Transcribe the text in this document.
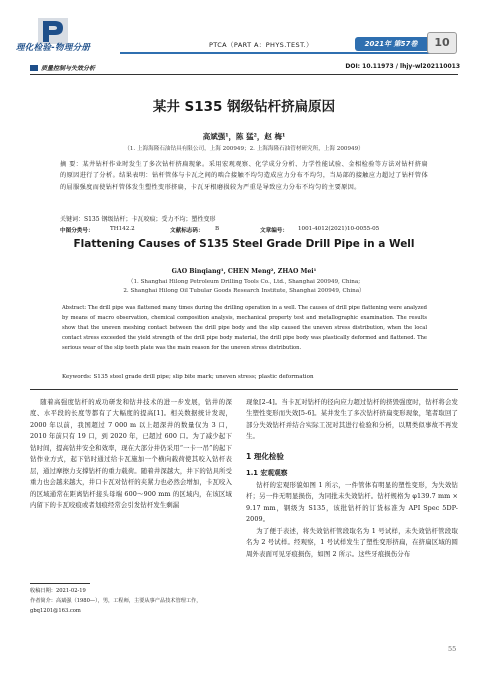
理化检验-物理分册	PTCA（PART A：PHYS.TEST.）	2021年 第57卷	10
质量控制与失效分析	DOI: 10.11973 / lhjy-wl202110013
某井 S135 钢级钻杆挤扁原因
高斌强¹，陈 猛²，赵 梅¹
（1. 上海海隆石油钻具有限公司，上海 200949；2. 上海海隆石油管材研究所，上海 200949）
摘 要：某井钻杆作业时发生了多次钻杆挤扁现象。采用宏观观察、化学成分分析、力学性能试验、金相检验等方法对钻杆挤扁的原因进行了分析。结果表明：钻杆管体与卡瓦之间的啮合接触不均匀造成应力分布不均匀，当局部的接触应力超过了钻杆管体的屈服强度而使钻杆管体发生塑性变形挤扁，卡瓦牙根磨损较为严重是导致应力分布不均匀的主要原因。
关键词：S135 钢级钻杆；卡瓦咬痕；受力不均；塑性变形
中图分类号：	TH142.2	文献标志码： B	文章编号： 1001-4012(2021)10-0055-05
Flattening Causes of S135 Steel Grade Drill Pipe in a Well
GAO Binqiang¹, CHEN Meng², ZHAO Mei¹
（1. Shanghai Hilong Petroleum Drilling Tools Co., Ltd., Shanghai 200949, China;
2. Shanghai Hilong Oil Tubular Goods Research Institute, Shanghai 200949, China）
Abstract: The drill pipe was flattened many times during the drilling operation in a well. The causes of drill pipe flattening were analyzed by means of macro observation, chemical composition analysis, mechanical property test and metallographic examination. The results show that the uneven meshing contact between the drill pipe body and the slip caused the uneven stress distribution, when the local contact stress exceeded the yield strength of the drill pipe body material, the drill pipe body was plastically deformed and flattened. The serious wear of the slip teeth plate was the main reason for the uneven stress distribution.
Keywords: S135 steel grade drill pipe; slip bite mark; uneven stress; plastic deformation
随着高强度钻杆的成功研发和钻井技术的进一步发展，钻井的深度、水平段的长度等都有了大幅度的提高[1]。相关数据统计发现，2000 年以前，我国超过 7 000 m 以上超深井的数量仅为 3 口，2010 年前只有 19 口，到 2020 年，已超过 600 口。为了减少起下钻时间，提高钻井安全和效率，现在大部分井仍采用“一卡一吊”的起下钻作业方式，起下钻时通过给卡瓦施加一个横向载荷使其咬入钻杆表层，通过摩擦力支撑钻杆的重力载荷。随着井深越大，井下的钻具所受重力也会越来越大，井口卡瓦对钻杆的夹紧力也必然会增加，卡瓦咬入的区域通常在距离钻杆接头母端 600～900 mm 的区域内，在该区域内留下的卡瓦咬痕或者划痕经常会引发钻杆发生剩漏
收稿日期：2021-02-19
作者简介：高斌强（1980—），男，工程师，主要从事产品技术管理工作，gbq1201@163.com

现象[2-4]。当卡瓦对钻杆的径向应力超过钻杆的挤毁强度时，钻杆将会发生塑性变形而失效[5-6]。某井发生了多次钻杆挤扁变形现象，笔者取回了部分失效钻杆并结合实际工况对其进行检验和分析，以期类似事故不再发生。

1 理化检验
1.1 宏观观察

钻杆的宏观形貌如图 1 所示，一件管体有明显的塑性变形，为失效钻杆；另一件无明显损伤，为同批未失效钻杆。钻杆规格为 φ139.7 mm × 9.17 mm，钢级为 S135，该批钻杆的订货标准为 API Spec 5DP-2009。

为了便于表述，将失效钻杆管段取名为 1 号试样，未失效钻杆管段取名为 2 号试样。经观察，1 号试样发生了塑性变形挤扁，在挤扁区域的圆周外表面可见牙痕损伤，如图 2 所示。这些牙痕损伤分布

55
